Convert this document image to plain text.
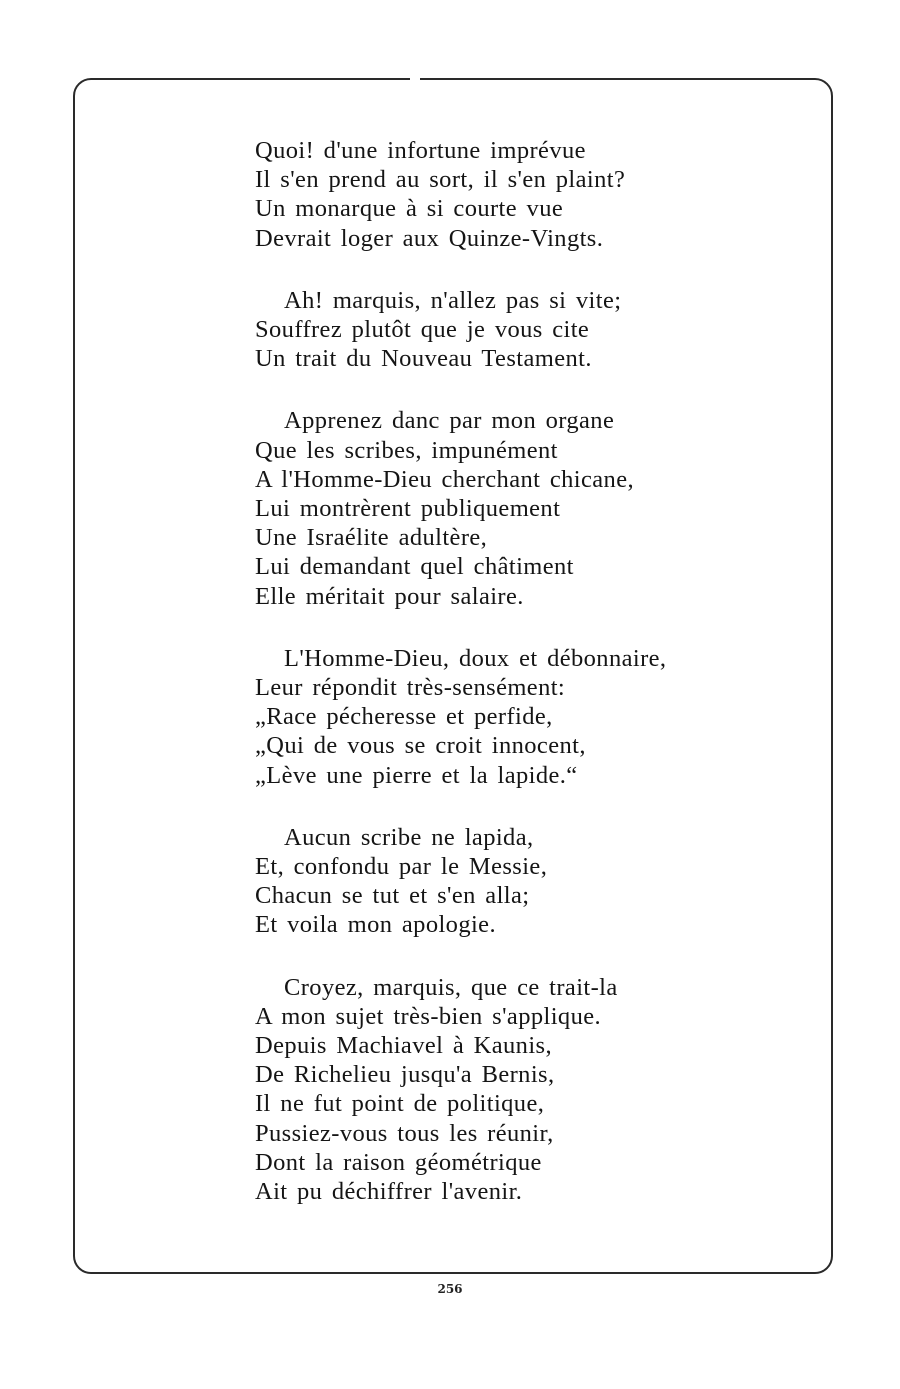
Quoi! d'une infortune imprévue
Il s'en prend au sort, il s'en plaint?
Un monarque à si courte vue
Devrait loger aux Quinze-Vingts.
Ah! marquis, n'allez pas si vite;
Souffrez plutôt que je vous cite
Un trait du Nouveau Testament.
Apprenez danc par mon organe
Que les scribes, impunément
A l'Homme-Dieu cherchant chicane,
Lui montrèrent publiquement
Une Israélite adultère,
Lui demandant quel châtiment
Elle méritait pour salaire.
L'Homme-Dieu, doux et débonnaire,
Leur répondit très-sensément:
„Race pécheresse et perfide,
„Qui de vous se croit innocent,
„Lève une pierre et la lapide.“
Aucun scribe ne lapida,
Et, confondu par le Messie,
Chacun se tut et s'en alla;
Et voila mon apologie.
Croyez, marquis, que ce trait-la
A mon sujet très-bien s'applique.
Depuis Machiavel à Kaunis,
De Richelieu jusqu'a Bernis,
Il ne fut point de politique,
Pussiez-vous tous les réunir,
Dont la raison géométrique
Ait pu déchiffrer l'avenir.
256
